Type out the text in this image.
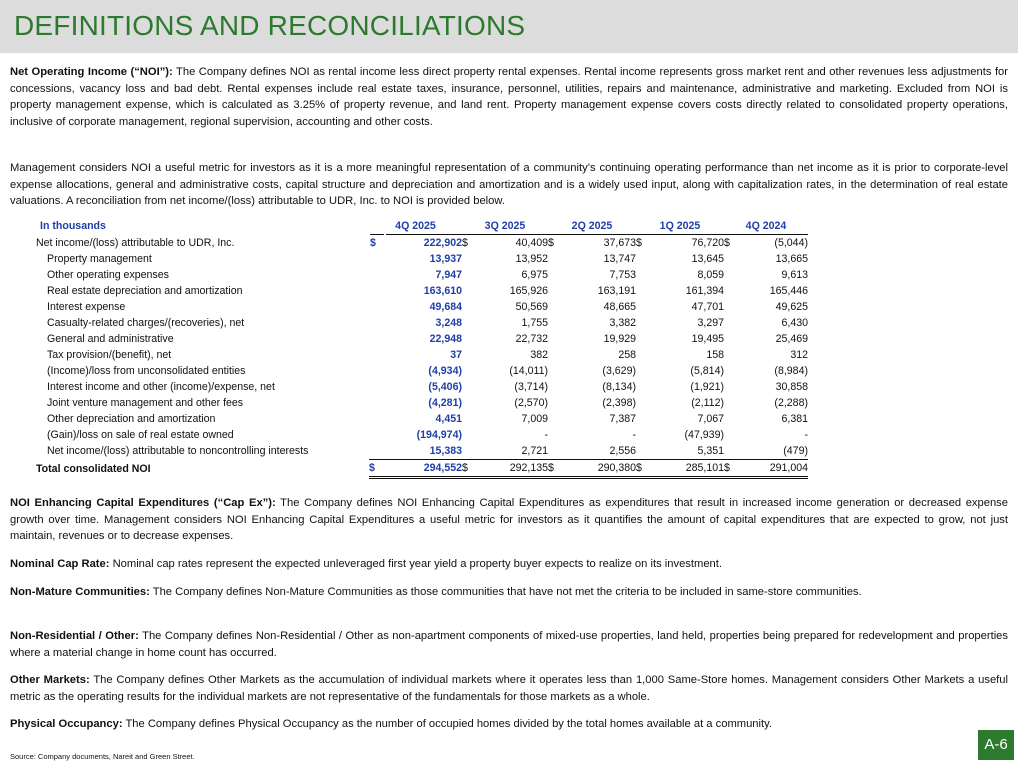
DEFINITIONS AND RECONCILIATIONS

Net Operating Income (“NOI”): The Company defines NOI as rental income less direct property rental expenses. Rental income represents gross market rent and other revenues less adjustments for concessions, vacancy loss and bad debt. Rental expenses include real estate taxes, insurance, personnel, utilities, repairs and maintenance, administrative and marketing. Excluded from NOI is property management expense, which is calculated as 3.25% of property revenue, and land rent. Property management expense covers costs directly related to consolidated property operations, inclusive of corporate management, regional supervision, accounting and other costs.

Management considers NOI a useful metric for investors as it is a more meaningful representation of a community’s continuing operating performance than net income as it is prior to corporate-level expense allocations, general and administrative costs, capital structure and depreciation and amortization and is a widely used input, along with capitalization rates, in the determination of real estate valuations. A reconciliation from net income/(loss) attributable to UDR, Inc. to NOI is provided below.

In thousands	4Q 2025		3Q 2025		2Q 2025		1Q 2025		4Q 2024	
Net income/(loss) attributable to UDR, Inc.	$	222,902	$	40,409	$	37,673	$	76,720	$	(5,044)
Property management		13,937		13,952		13,747		13,645		13,665
Other operating expenses		7,947		6,975		7,753		8,059		9,613
Real estate depreciation and amortization		163,610		165,926		163,191		161,394		165,446
Interest expense		49,684		50,569		48,665		47,701		49,625
Casualty-related charges/(recoveries), net		3,248		1,755		3,382		3,297		6,430
General and administrative		22,948		22,732		19,929		19,495		25,469
Tax provision/(benefit), net		37		382		258		158		312
(Income)/loss from unconsolidated entities		(4,934)		(14,011)		(3,629)		(5,814)		(8,984)
Interest income and other (income)/expense, net		(5,406)		(3,714)		(8,134)		(1,921)		30,858
Joint venture management and other fees		(4,281)		(2,570)		(2,398)		(2,112)		(2,288)
Other depreciation and amortization		4,451		7,009		7,387		7,067		6,381
(Gain)/loss on sale of real estate owned		(194,974)		-		-		(47,939)		-
Net income/(loss) attributable to noncontrolling interests		15,383		2,721		2,556		5,351		(479)
Total consolidated NOI	$	294,552	$	292,135	$	290,380	$	285,101	$	291,004

NOI Enhancing Capital Expenditures (“Cap Ex”): The Company defines NOI Enhancing Capital Expenditures as expenditures that result in increased income generation or decreased expense growth over time. Management considers NOI Enhancing Capital Expenditures a useful metric for investors as it quantifies the amount of capital expenditures that are expected to grow, not just maintain, revenues or to decrease expenses.

Nominal Cap Rate: Nominal cap rates represent the expected unleveraged first year yield a property buyer expects to realize on its investment.

Non-Mature Communities: The Company defines Non-Mature Communities as those communities that have not met the criteria to be included in same-store communities.

Non-Residential / Other: The Company defines Non-Residential / Other as non-apartment components of mixed-use properties, land held, properties being prepared for redevelopment and properties where a material change in home count has occurred.

Other Markets: The Company defines Other Markets as the accumulation of individual markets where it operates less than 1,000 Same-Store homes. Management considers Other Markets a useful metric as the operating results for the individual markets are not representative of the fundamentals for those markets as a whole.

Physical Occupancy: The Company defines Physical Occupancy as the number of occupied homes divided by the total homes available at a community.

Source: Company documents, Nareit and Green Street.
A-6
